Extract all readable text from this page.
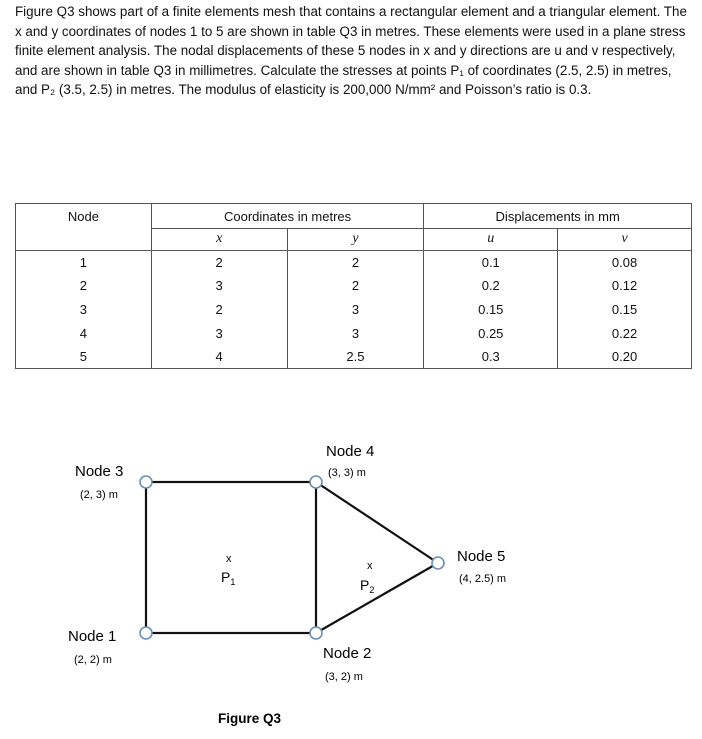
Figure Q3 shows part of a finite elements mesh that contains a rectangular element and a triangular element. The x and y coordinates of nodes 1 to 5 are shown in table Q3 in metres. These elements were used in a plane stress finite element analysis. The nodal displacements of these 5 nodes in x and y directions are u and v respectively, and are shown in table Q3 in millimetres. Calculate the stresses at points P₁ of coordinates (2.5, 2.5) in metres, and P₂ (3.5, 2.5) in metres. The modulus of elasticity is 200,000 N/mm² and Poisson’s ratio is 0.3.

Node	Coordinates in metres		Displacements in mm	
	x	y	u	v
1	2	2	0.1	0.08
2	3	2	0.2	0.12
3	2	3	0.15	0.15
4	3	3	0.25	0.22
5	4	2.5	0.3	0.20
Node 3
(2, 3) m
Node 4
(3, 3) m
Node 5
(4, 2.5) m
Node 1
(2, 2) m	Node 2
(3, 2) m
x
$P_1$
x
$P_2$
Figure Q3
